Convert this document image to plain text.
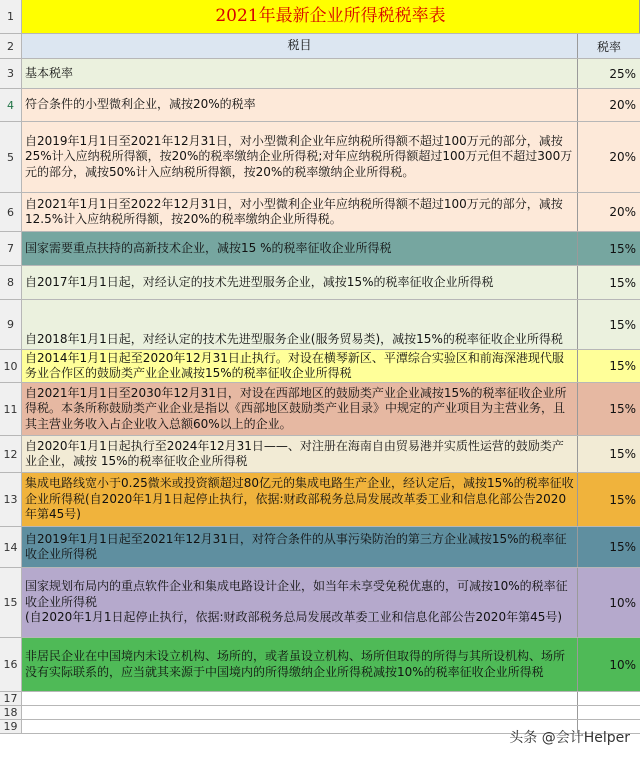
1	2021年最新企业所得税税率表
2	税目	税率
3 基本税率	25%
4 符合条件的小型微利企业，减按20%的税率	20%
5
自2019年1月1日至2021年12月31日，对小型微利企业年应纳税所得额不超过100万元的部分，减按25%计入应纳税所得额，按20%的税率缴纳企业所得税;对年应纳税所得额超过100万元但不超过300万元的部分，减按50%计入应纳税所得额，按20%的税率缴纳企业所得税。
20%
6
自2021年1月1日至2022年12月31日，对小型微利企业年应纳税所得额不超过100万元的部分，减按12.5%计入应纳税所得额，按20%的税率缴纳企业所得税。	20%
7 国家需要重点扶持的高新技术企业，减按15 %的税率征收企业所得税	15%
8 自2017年1月1日起，对经认定的技术先进型服务企业，减按15%的税率征收企业所得税	15%
9
自2018年1月1日起，对经认定的技术先进型服务企业(服务贸易类)，减按15%的税率征收企业所得税
15%
10
自2014年1月1日起至2020年12月31日止执行。对设在横琴新区、平潭综合实验区和前海深港现代服务业合作区的鼓励类产业企业减按15%的税率征收企业所得税	15%
11
自2021年1月1日至2030年12月31日，对设在西部地区的鼓励类产业企业减按15%的税率征收企业所得税。本条所称鼓励类产业企业是指以《西部地区鼓励类产业目录》中规定的产业项目为主营业务，且其主营业务收入占企业收入总额60%以上的企业。
15%
12
自2020年1月1日起执行至2024年12月31日——、对注册在海南自由贸易港并实质性运营的鼓励类产业企业，减按 15%的税率征收企业所得税	15%
13
集成电路线宽小于0.25微米或投资额超过80亿元的集成电路生产企业，经认定后，减按15%的税率征收企业所得税(自2020年1月1日起停止执行，依据:财政部税务总局发展改革委工业和信息化部公告2020年第45号)
15%
14
自2019年1月1日起至2021年12月31日，对符合条件的从事污染防治的第三方企业减按15%的税率征收企业所得税	15%
15
国家规划布局内的重点软件企业和集成电路设计企业，如当年未享受免税优惠的，可减按10%的税率征收企业所得税
(自2020年1月1日起停止执行，依据:财政部税务总局发展改革委工业和信息化部公告2020年第45号)
10%
16
非居民企业在中国境内未设立机构、场所的，或者虽设立机构、场所但取得的所得与其所设机构、场所没有实际联系的，应当就其来源于中国境内的所得缴纳企业所得税减按10%的税率征收企业所得税	10%
17
18
19
头条 @会计Helper
